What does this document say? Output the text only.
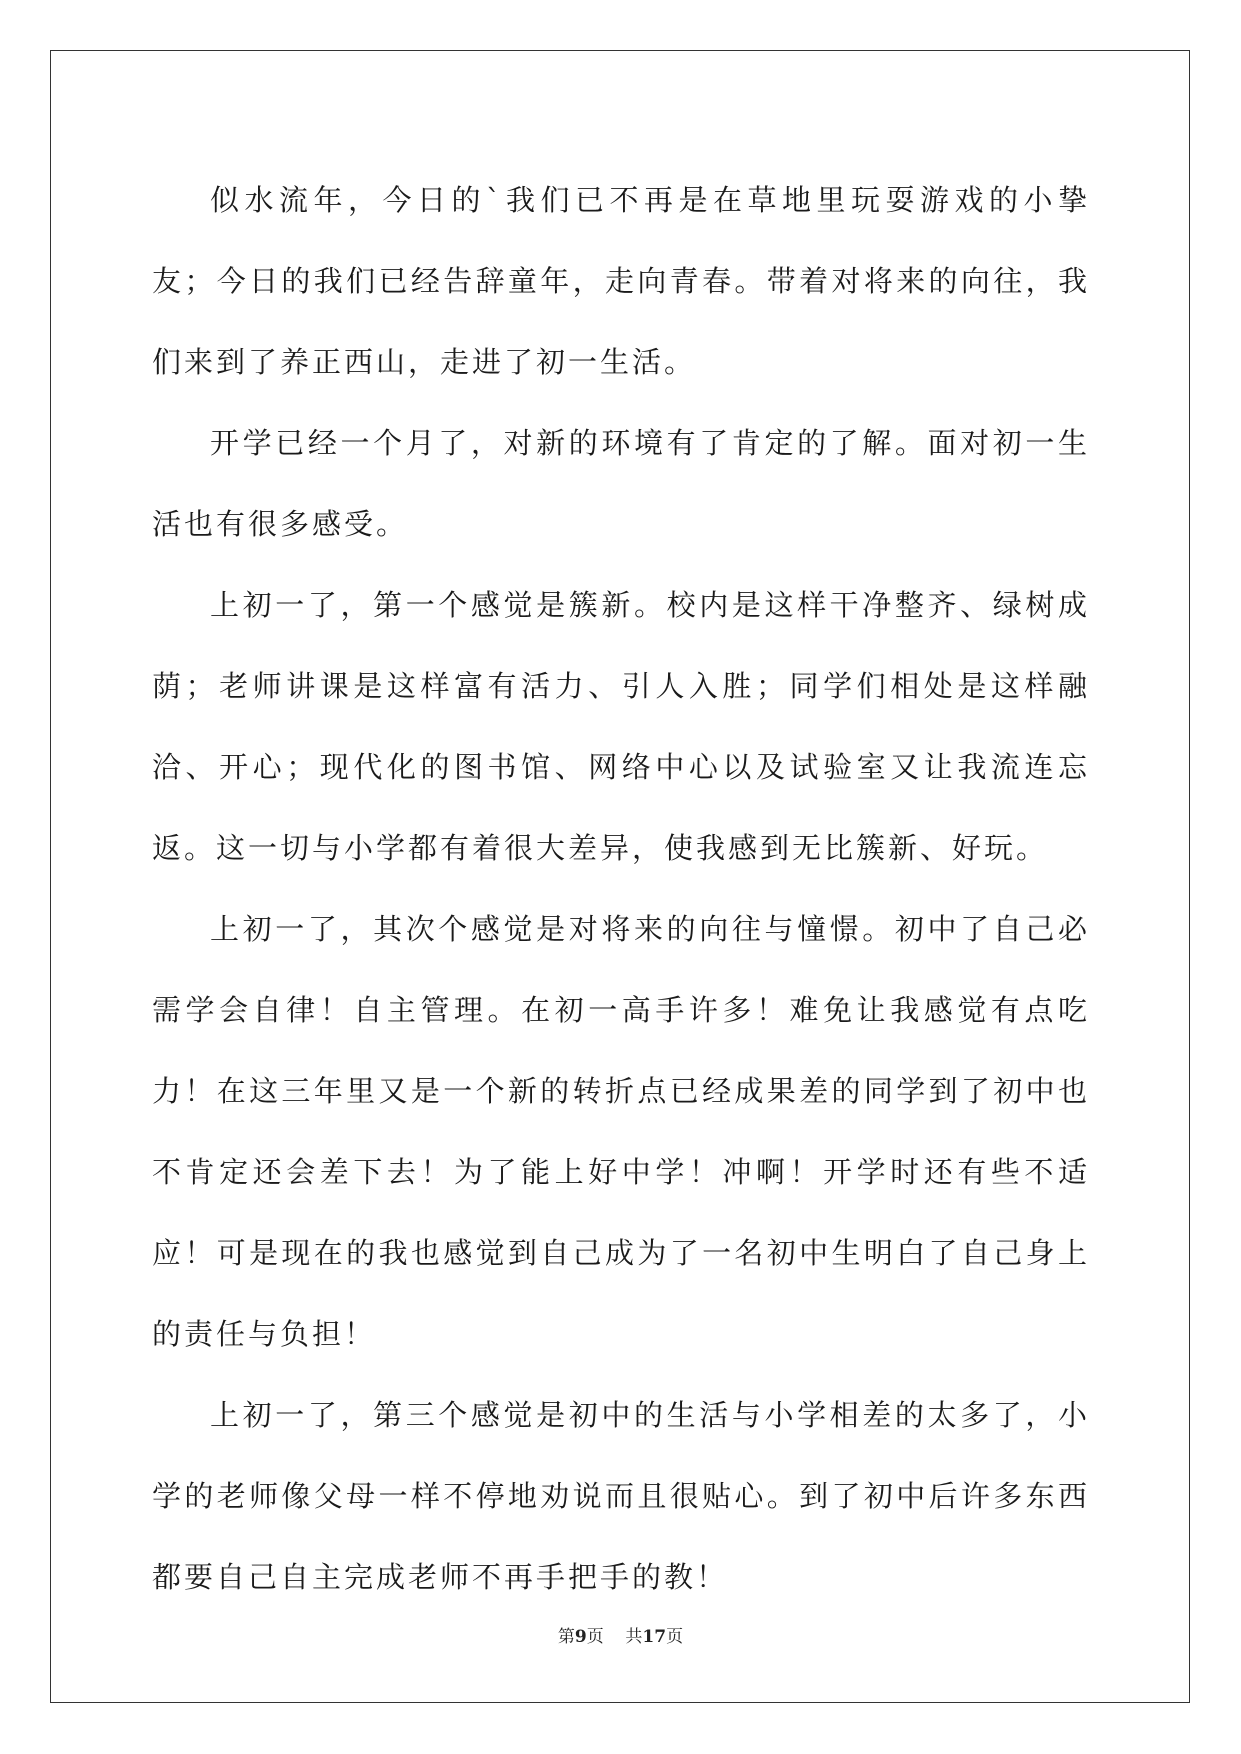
似水流年，今日的`我们已不再是在草地里玩耍游戏的小挚友；今日的我们已经告辞童年，走向青春。带着对将来的向往，我们来到了养正西山，走进了初一生活。

开学已经一个月了，对新的环境有了肯定的了解。面对初一生活也有很多感受。

上初一了，第一个感觉是簇新。校内是这样干净整齐、绿树成荫；老师讲课是这样富有活力、引人入胜；同学们相处是这样融洽、开心；现代化的图书馆、网络中心以及试验室又让我流连忘返。这一切与小学都有着很大差异，使我感到无比簇新、好玩。

上初一了，其次个感觉是对将来的向往与憧憬。初中了自己必需学会自律！自主管理。在初一高手许多！难免让我感觉有点吃力！在这三年里又是一个新的转折点已经成果差的同学到了初中也不肯定还会差下去！为了能上好中学！冲啊！开学时还有些不适应！可是现在的我也感觉到自己成为了一名初中生明白了自己身上的责任与负担！

上初一了，第三个感觉是初中的生活与小学相差的太多了，小学的老师像父母一样不停地劝说而且很贴心。到了初中后许多东西都要自己自主完成老师不再手把手的教！

第9页 共17页
